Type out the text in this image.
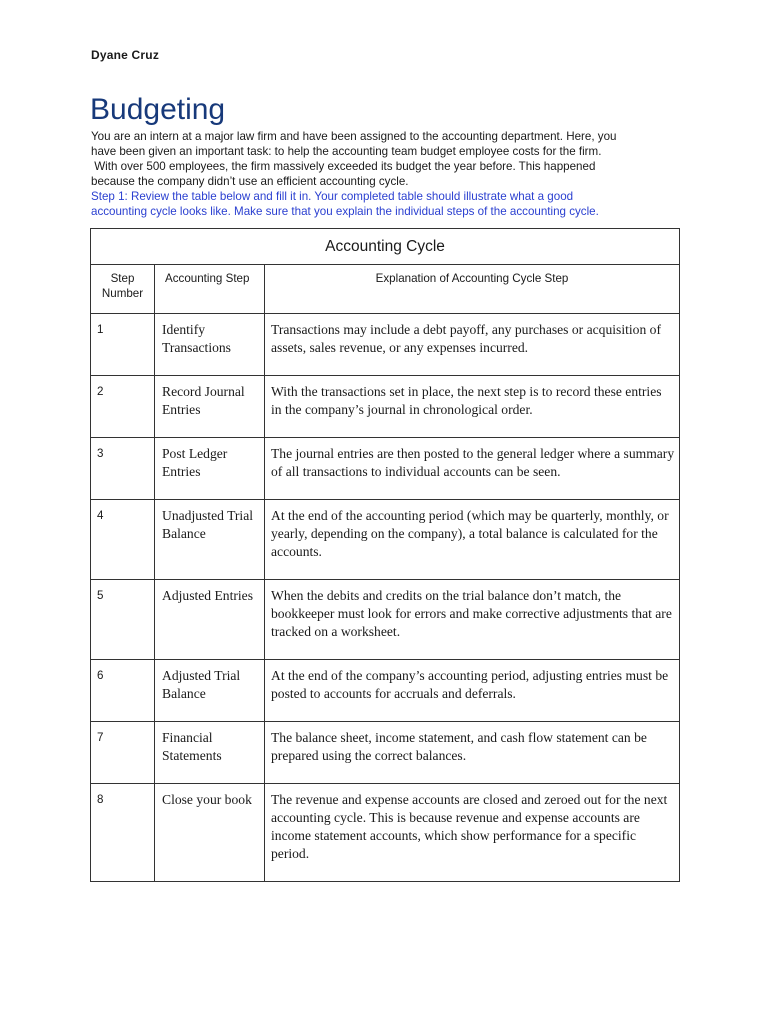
Dyane Cruz
Budgeting
You are an intern at a major law firm and have been assigned to the accounting department. Here, you
have been given an important task: to help the accounting team budget employee costs for the firm.
With over 500 employees, the firm massively exceeded its budget the year before. This happened
because the company didn’t use an efficient accounting cycle.
Step 1: Review the table below and fill it in. Your completed table should illustrate what a good
accounting cycle looks like. Make sure that you explain the individual steps of the accounting cycle.
Accounting Cycle		
Step Number	Accounting Step	Explanation of Accounting Cycle Step
1	Identify Transactions	Transactions may include a debt payoff, any purchases or acquisition of assets, sales revenue, or any expenses incurred.
2	Record Journal Entries	With the transactions set in place, the next step is to record these entries in the company’s journal in chronological order.
3	Post Ledger Entries	The journal entries are then posted to the general ledger where a summary of all transactions to individual accounts can be seen.
4	Unadjusted Trial Balance	At the end of the accounting period (which may be quarterly, monthly, or yearly, depending on the company), a total balance is calculated for the accounts.
5	Adjusted Entries	When the debits and credits on the trial balance don’t match, the bookkeeper must look for errors and make corrective adjustments that are tracked on a worksheet.
6	Adjusted Trial Balance	At the end of the company’s accounting period, adjusting entries must be posted to accounts for accruals and deferrals.
7	Financial Statements	The balance sheet, income statement, and cash flow statement can be prepared using the correct balances.
8	Close your book	The revenue and expense accounts are closed and zeroed out for the next accounting cycle. This is because revenue and expense accounts are income statement accounts, which show performance for a specific period.
